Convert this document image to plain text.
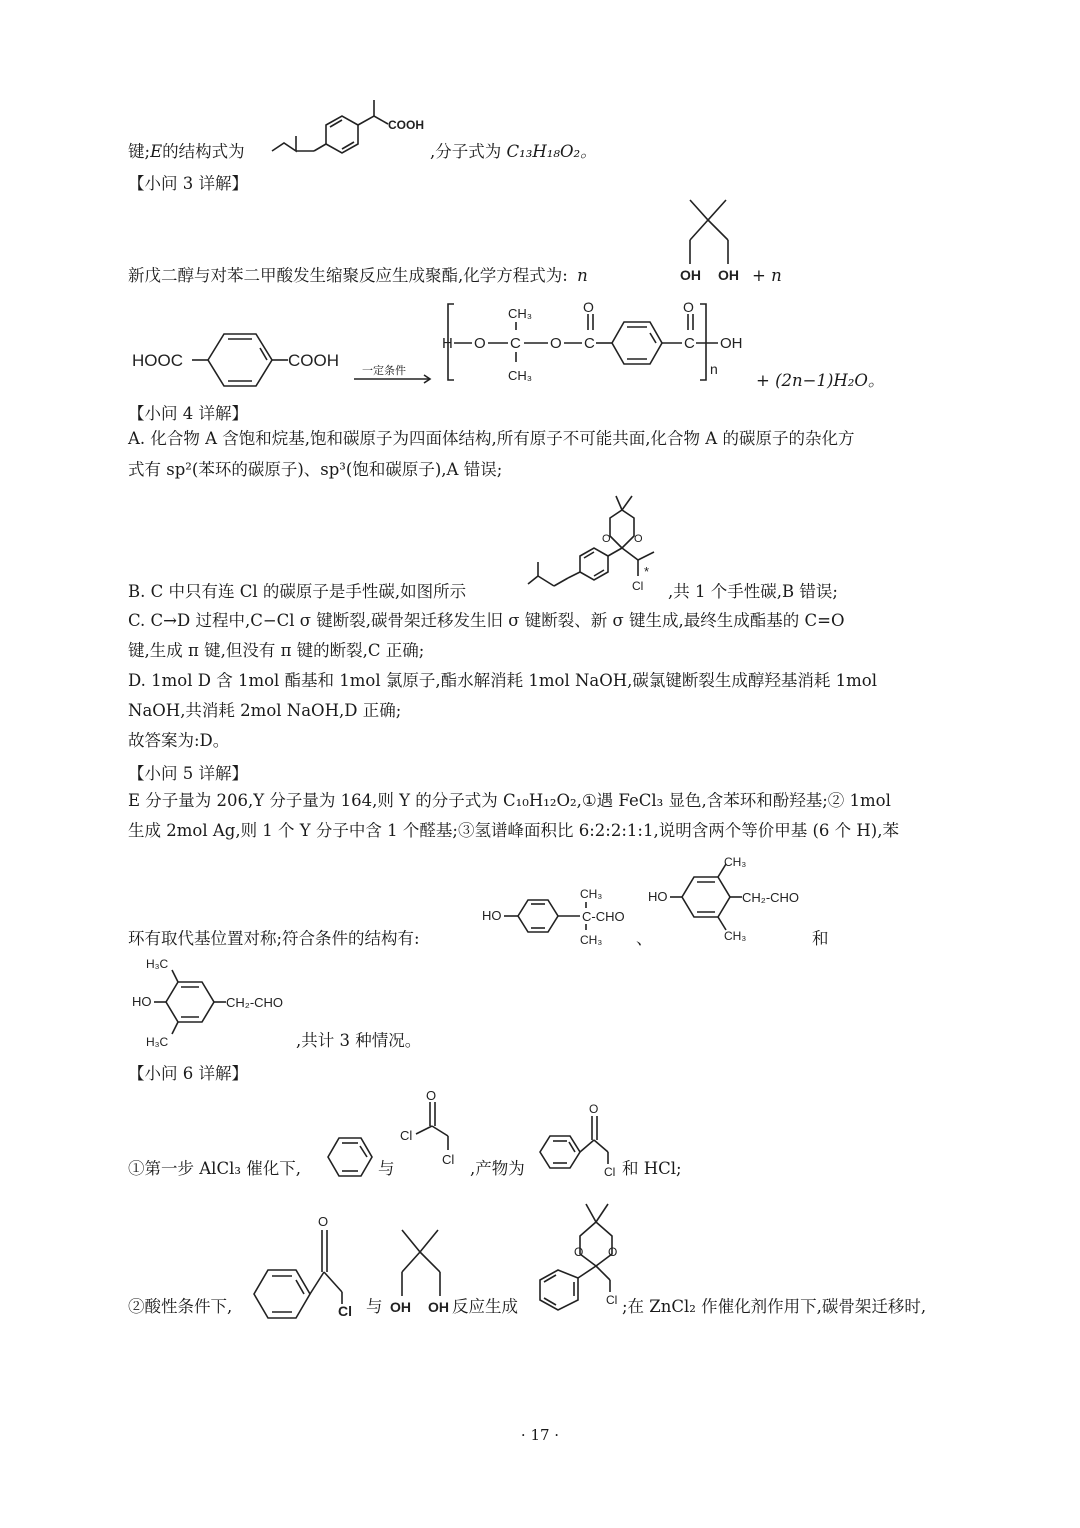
键;E的结构式为
COOH
,分子式为 C₁₃H₁₈O₂。
【小问 3 详解】
新戊二醇与对苯二甲酸发生缩聚反应生成聚酯,化学方程式为: n	OH OH + n
HOOC	COOH
一定条件
H O C
CH₃
CH₃
O C
O
C
O
OH
n
+ (2n−1)H₂O。
【小问 4 详解】
A. 化合物 A 含饱和烷基,饱和碳原子为四面体结构,所有原子不可能共面,化合物 A 的碳原子的杂化方
式有 sp²(苯环的碳原子)、sp³(饱和碳原子),A 错误;
B. C 中只有连 Cl 的碳原子是手性碳,如图所示
O O
Cl
*
,共 1 个手性碳,B 错误;
C. C→D 过程中,C−Cl σ 键断裂,碳骨架迁移发生旧 σ 键断裂、新 σ 键生成,最终生成酯基的 C=O
键,生成 π 键,但没有 π 键的断裂,C 正确;
D. 1mol D 含 1mol 酯基和 1mol 氯原子,酯水解消耗 1mol NaOH,碳氯键断裂生成醇羟基消耗 1mol
NaOH,共消耗 2mol NaOH,D 正确;
故答案为:D。
【小问 5 详解】
E 分子量为 206,Y 分子量为 164,则 Y 的分子式为 C₁₀H₁₂O₂,①遇 FeCl₃ 显色,含苯环和酚羟基;② 1mol
生成 2mol Ag,则 1 个 Y 分子中含 1 个醛基;③氢谱峰面积比 6:2:2:1:1,说明含两个等价甲基 (6 个 H),苯
环有取代基位置对称;符合条件的结构有:
HO	C-CHO
CH₃
CH₃ 、
HO
CH₃
CH₃
CH₂-CHO
和
H₃C
HO
H₃C
CH₂-CHO
,共计 3 种情况。
【小问 6 详解】
①第一步 AlCl₃ 催化下,	与
O
Cl
Cl ,产物为
O
Cl 和 HCl;
②酸性条件下,
O
Cl 与 OH OH 反应生成
O O
Cl ;在 ZnCl₂ 作催化剂作用下,碳骨架迁移时,
· 17 ·
